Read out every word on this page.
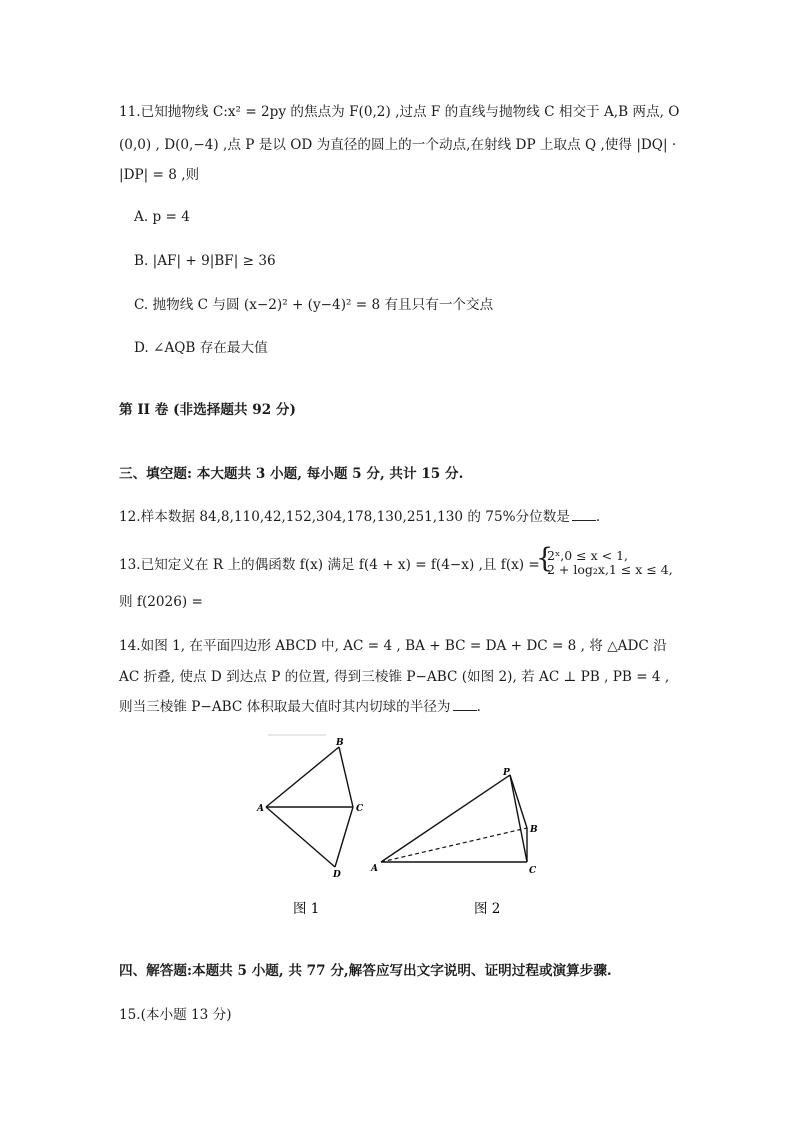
11.已知抛物线 C:x² = 2py 的焦点为 F(0,2) ,过点 F 的直线与抛物线 C 相交于 A,B 两点, O
(0,0) , D(0,−4) ,点 P 是以 OD 为直径的圆上的一个动点,在射线 DP 上取点 Q ,使得 |DQ| ·
|DP| = 8 ,则
A. p = 4
B. |AF| + 9|BF| ≥ 36
C. 抛物线 C 与圆 (x−2)² + (y−4)² = 8 有且只有一个交点
D. ∠AQB 存在最大值
第 II 卷 (非选择题共 92 分)
三、填空题: 本大题共 3 小题, 每小题 5 分, 共计 15 分.
12.样本数据 84,8,110,42,152,304,178,130,251,130 的 75%分位数是 .
13.已知定义在 R 上的偶函数 f(x) 满足 f(4 + x) = f(4−x) ,且 f(x) =
{
2ˣ,0 ≤ x < 1,
2 + log₂x,1 ≤ x ≤ 4,
则 f(2026) =
14.如图 1, 在平面四边形 ABCD 中, AC = 4 , BA + BC = DA + DC = 8 , 将 △ADC 沿
AC 折叠, 使点 D 到达点 P 的位置, 得到三棱锥 P−ABC (如图 2), 若 AC ⊥ PB , PB = 4 ,
则当三棱锥 P−ABC 体积取最大值时其内切球的半径为 .
A
B
C
D
图 1
P
A
B
C
图 2
四、解答题:本题共 5 小题, 共 77 分,解答应写出文字说明、证明过程或演算步骤.
15.(本小题 13 分)
